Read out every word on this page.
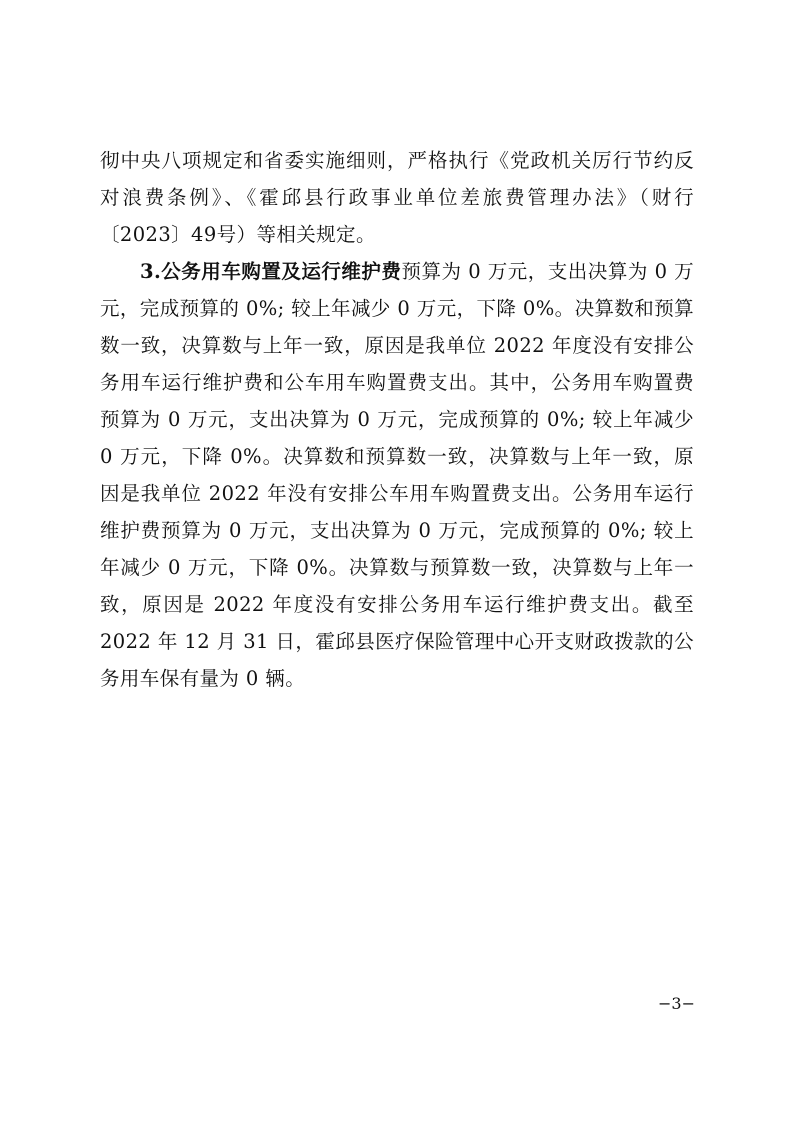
彻中央八项规定和省委实施细则，严格执行《党政机关厉行节约反对浪费条例》、《霍邱县行政事业单位差旅费管理办法》（财行〔2023〕49号）等相关规定。

3.公务用车购置及运行维护费预算为 0 万元，支出决算为 0 万元，完成预算的 0%; 较上年减少 0 万元，下降 0%。决算数和预算数一致，决算数与上年一致，原因是我单位 2022 年度没有安排公务用车运行维护费和公车用车购置费支出。其中，公务用车购置费预算为 0 万元，支出决算为 0 万元，完成预算的 0%; 较上年减少 0 万元，下降 0%。决算数和预算数一致，决算数与上年一致，原因是我单位 2022 年没有安排公车用车购置费支出。公务用车运行维护费预算为 0 万元，支出决算为 0 万元，完成预算的 0%; 较上年减少 0 万元，下降 0%。决算数与预算数一致，决算数与上年一致，原因是 2022 年度没有安排公务用车运行维护费支出。截至 2022 年 12 月 31 日，霍邱县医疗保险管理中心开支财政拨款的公务用车保有量为 0 辆。

−3−
